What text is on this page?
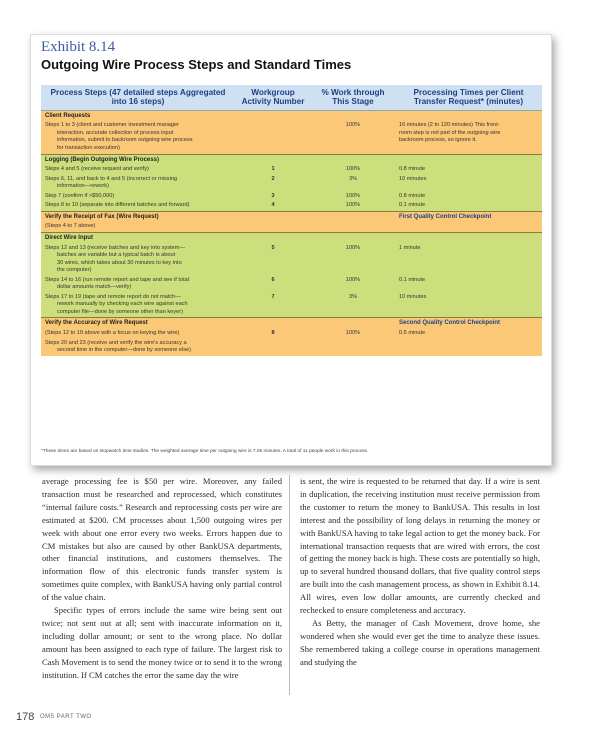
Exhibit 8.14
Outgoing Wire Process Steps and Standard Times
Process Steps (47 detailed steps Aggregated into 16 steps)	Workgroup Activity Number	% Work through This Stage	Processing Times per Client Transfer Request* (minutes)
Client Requests			

Steps 1 to 3 (client and customer investment manager
interaction, accurate collection of process input
information, submit to backroom outgoing wire process
for transaction execution)		100%	16 minutes (2 to 120 minutes) This front-
room step is not part of the outgoing wire
backroom process, so ignore it.

Logging (Begin Outgoing Wire Process)			

Steps 4 and 5 (receive request and verify)	1	100%	0.8 minute

Steps 6, 11, and back to 4 and 5 (incorrect or missing
information—rework)	2	3%	10 minutes

Step 7 (confirm if >$50,000)	3	100%	0.8 minute

Steps 8 to 10 (separate into different batches and forward)	4	100%	0.1 minute
Verify the Receipt of Fax (Wire Request)			First Quality Control Checkpoint

(Steps 4 to 7 above)			

Direct Wire Input			

Steps 12 and 13 (receive batches and key into system—
batches are variable but a typical batch is about
30 wires, which takes about 30 minutes to key into
the computer)	5	100%	1 minute

Steps 14 to 16 (run remote report and tape and see if total
dollar amounts match—verify)	6	100%	0.1 minute

Steps 17 to 19 (tape and remote report do not match—
rework manually by checking each wire against each
computer file—done by someone other than keyer)	7	3%	10 minutes
Verify the Accuracy of Wire Request			Second Quality Control Checkpoint

(Steps 12 to 19 above with a focus on keying the wire)	8	100%	0.5 minute

Steps 20 and 23 (receive and verify the wire's accuracy a
second time in the computer—done by someone else)			

*These times are based on stopwatch time studies. The weighted average time per outgoing wire is 7.05 minutes. A total of 11 people work in this process.

average processing fee is $50 per wire. Moreover, any failed transaction must be researched and reprocessed, which constitutes “internal failure costs.” Research and reprocessing costs per wire are estimated at $200. CM processes about 1,500 outgoing wires per week with about one error every two weeks. Errors happen due to CM mistakes but also are caused by other BankUSA departments, other financial institutions, and customers themselves. The information flow of this electronic funds transfer system is sometimes quite complex, with BankUSA having only partial control of the value chain.

Specific types of errors include the same wire being sent out twice; not sent out at all; sent with inaccurate information on it, including dollar amount; or sent to the wrong place. No dollar amount has been assigned to each type of failure. The largest risk to Cash Movement is to send the money twice or to send it to the wrong institution. If CM catches the error the same day the wire

is sent, the wire is requested to be returned that day. If a wire is sent in duplication, the receiving institution must receive permission from the customer to return the money to BankUSA. This results in lost interest and the possibility of long delays in returning the money or with BankUSA having to take legal action to get the money back. For international transaction requests that are wired with errors, the cost of getting the money back is high. These costs are potentially so high, up to several hundred thousand dollars, that five quality control steps are built into the cash management process, as shown in Exhibit 8.14. All wires, even low dollar amounts, are currently checked and rechecked to ensure completeness and accuracy.

As Betty, the manager of Cash Movement, drove home, she wondered when she would ever get the time to analyze these issues. She remembered taking a college course in operations management and studying the

178 OM5 PART TWO
